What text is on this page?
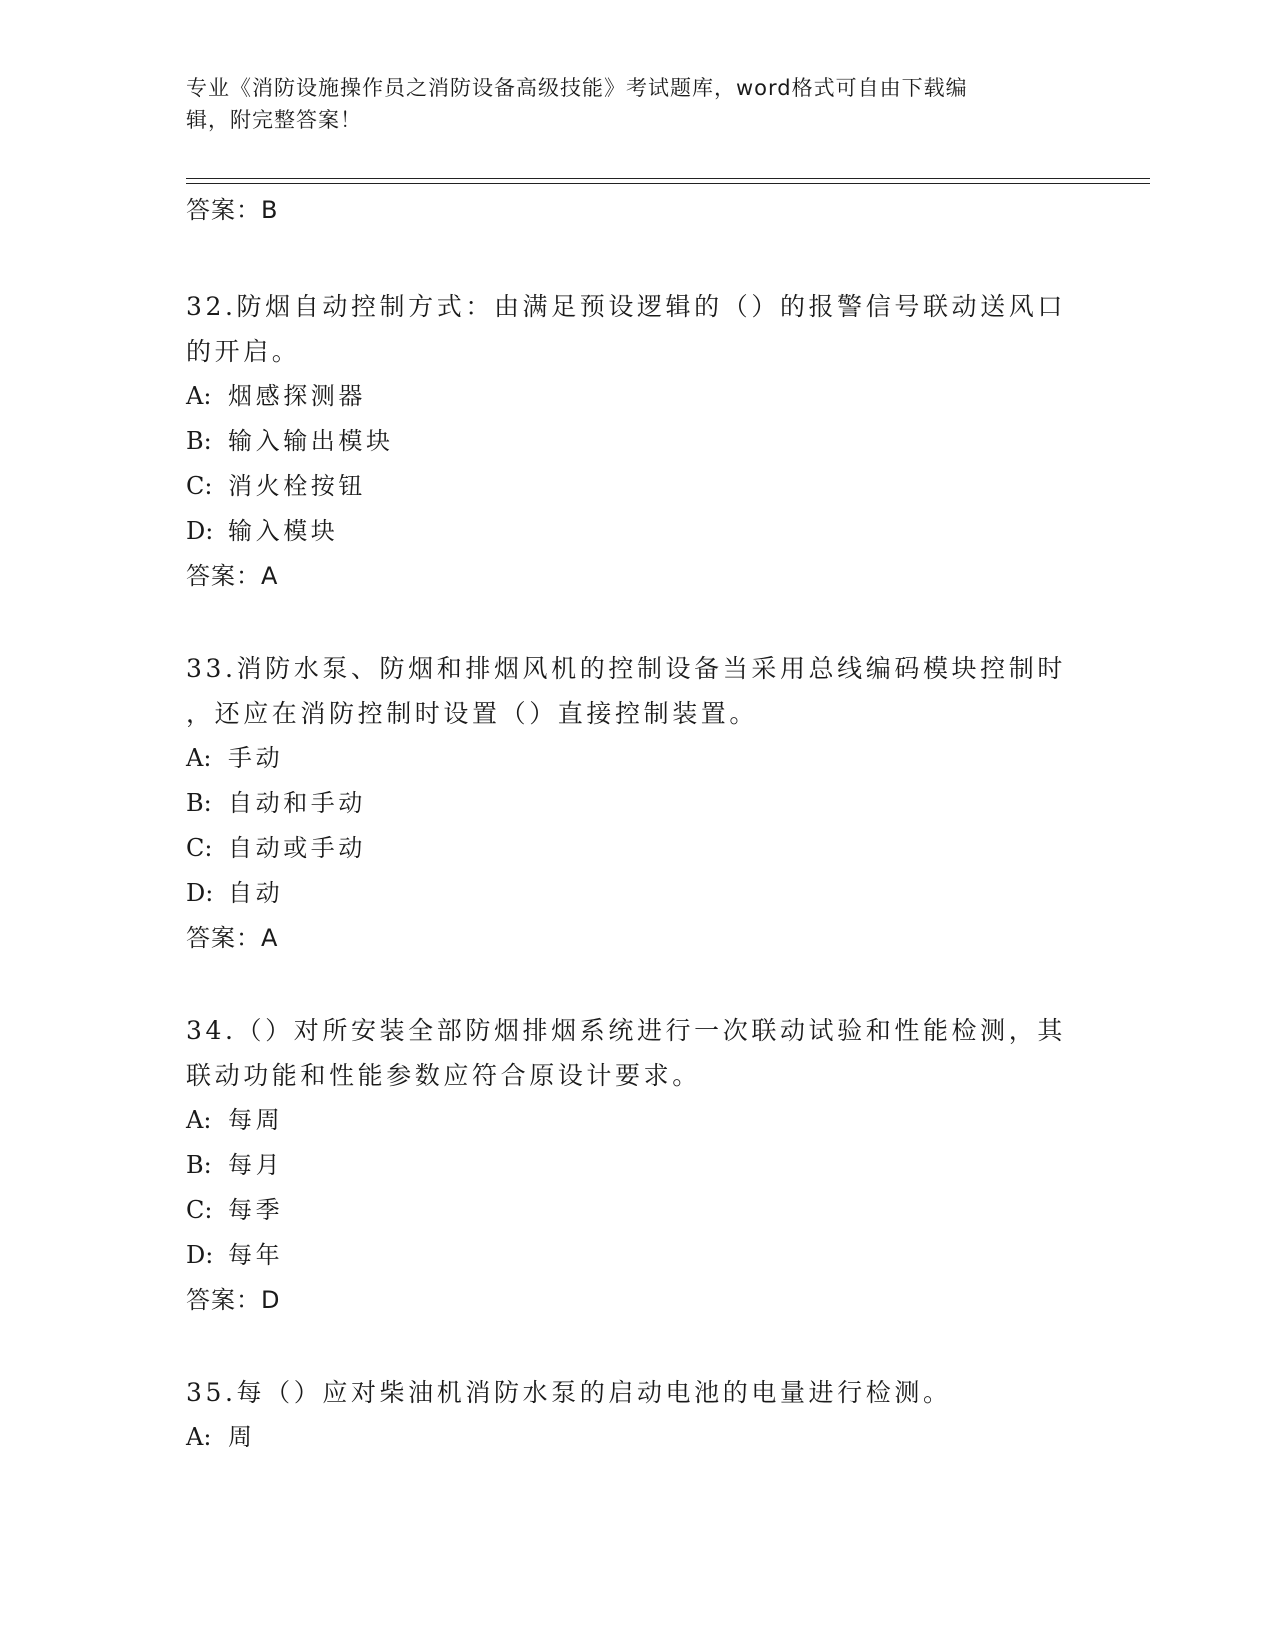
专业《消防设施操作员之消防设备高级技能》考试题库，word格式可自由下载编
辑，附完整答案！
答案：B
32.防烟自动控制方式：由满足预设逻辑的（）的报警信号联动送风口
的开启。
A: 烟感探测器
B: 输入输出模块
C: 消火栓按钮
D: 输入模块
答案：A
33.消防水泵、防烟和排烟风机的控制设备当采用总线编码模块控制时
，还应在消防控制时设置（）直接控制装置。
A: 手动
B: 自动和手动
C: 自动或手动
D: 自动
答案：A
34.（）对所安装全部防烟排烟系统进行一次联动试验和性能检测，其
联动功能和性能参数应符合原设计要求。
A: 每周
B: 每月
C: 每季
D: 每年
答案：D
35.每（）应对柴油机消防水泵的启动电池的电量进行检测。
A: 周
